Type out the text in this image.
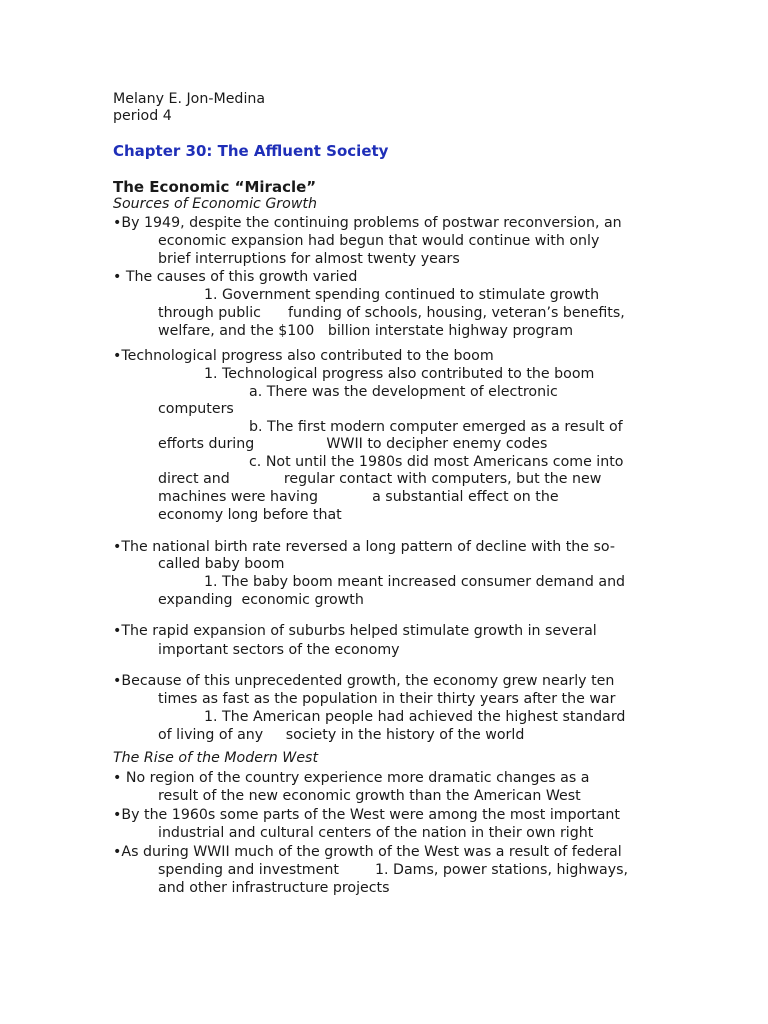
Melany E. Jon-Medina
period 4
Chapter 30: The Affluent Society
The Economic “Miracle”
Sources of Economic Growth
•By 1949, despite the continuing problems of postwar reconversion, an
economic expansion had begun that would continue with only
brief interruptions for almost twenty years
• The causes of this growth varied
1. Government spending continued to stimulate growth
through public      funding of schools, housing, veteran’s benefits,
welfare, and the $100   billion interstate highway program
•Technological progress also contributed to the boom
1. Technological progress also contributed to the boom
a. There was the development of electronic
computers
b. The first modern computer emerged as a result of
efforts during                WWII to decipher enemy codes
c. Not until the 1980s did most Americans come into
direct and            regular contact with computers, but the new
machines were having            a substantial effect on the
economy long before that
•The national birth rate reversed a long pattern of decline with the so-
called baby boom
1. The baby boom meant increased consumer demand and
expanding  economic growth
•The rapid expansion of suburbs helped stimulate growth in several
important sectors of the economy
•Because of this unprecedented growth, the economy grew nearly ten
times as fast as the population in their thirty years after the war
1. The American people had achieved the highest standard
of living of any     society in the history of the world
The Rise of the Modern West
• No region of the country experience more dramatic changes as a
result of the new economic growth than the American West
•By the 1960s some parts of the West were among the most important
industrial and cultural centers of the nation in their own right
•As during WWII much of the growth of the West was a result of federal
spending and investment        1. Dams, power stations, highways,
and other infrastructure projects
